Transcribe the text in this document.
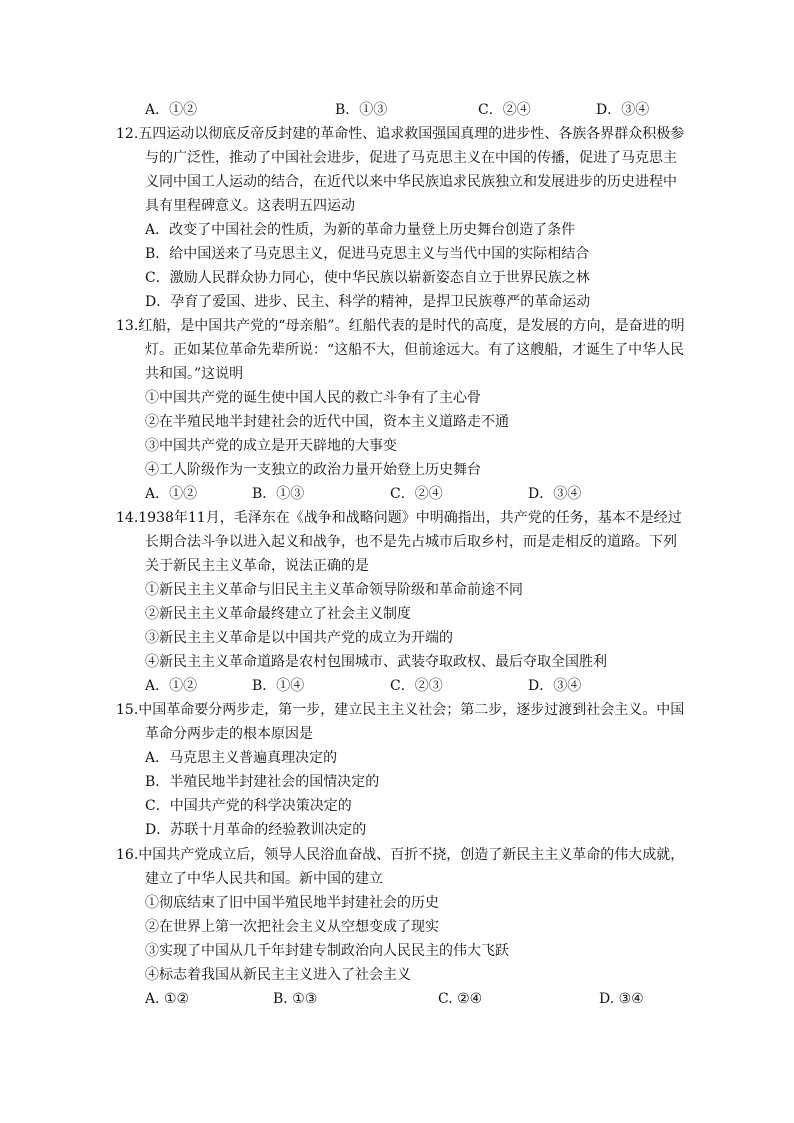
A．①②	B．①③	C．②④	D．③④
12.五四运动以彻底反帝反封建的革命性、追求救国强国真理的进步性、各族各界群众积极参
与的广泛性，推动了中国社会进步，促进了马克思主义在中国的传播，促进了马克思主
义同中国工人运动的结合，在近代以来中华民族追求民族独立和发展进步的历史进程中
具有里程碑意义。这表明五四运动
A．改变了中国社会的性质，为新的革命力量登上历史舞台创造了条件
B．给中国送来了马克思主义，促进马克思主义与当代中国的实际相结合
C．激励人民群众协力同心，使中华民族以崭新姿态自立于世界民族之林
D．孕育了爱国、进步、民主、科学的精神，是捍卫民族尊严的革命运动
13.红船，是中国共产党的“母亲船”。红船代表的是时代的高度，是发展的方向，是奋进的明
灯。正如某位革命先辈所说：“这船不大，但前途远大。有了这艘船，才诞生了中华人民
共和国。”这说明
①中国共产党的诞生使中国人民的救亡斗争有了主心骨
②在半殖民地半封建社会的近代中国，资本主义道路走不通
③中国共产党的成立是开天辟地的大事变
④工人阶级作为一支独立的政治力量开始登上历史舞台
A．①②	B．①③	C．②④	D．③④
14.1938年11月，毛泽东在《战争和战略问题》中明确指出，共产党的任务，基本不是经过
长期合法斗争以进入起义和战争，也不是先占城市后取乡村，而是走相反的道路。下列
关于新民主主义革命，说法正确的是
①新民主主义革命与旧民主主义革命领导阶级和革命前途不同
②新民主主义革命最终建立了社会主义制度
③新民主主义革命是以中国共产党的成立为开端的
④新民主主义革命道路是农村包围城市、武装夺取政权、最后夺取全国胜利
A．①②	B．①④	C．②③	D．③④
15.中国革命要分两步走，第一步，建立民主主义社会；第二步，逐步过渡到社会主义。中国
革命分两步走的根本原因是
A．马克思主义普遍真理决定的
B．半殖民地半封建社会的国情决定的
C．中国共产党的科学决策决定的
D．苏联十月革命的经验教训决定的
16.中国共产党成立后，领导人民浴血奋战、百折不挠，创造了新民主主义革命的伟大成就，
建立了中华人民共和国。新中国的建立
①彻底结束了旧中国半殖民地半封建社会的历史
②在世界上第一次把社会主义从空想变成了现实
③实现了中国从几千年封建专制政治向人民民主的伟大飞跃
④标志着我国从新民主主义进入了社会主义
A. ①②	B. ①③	C. ②④	D. ③④
